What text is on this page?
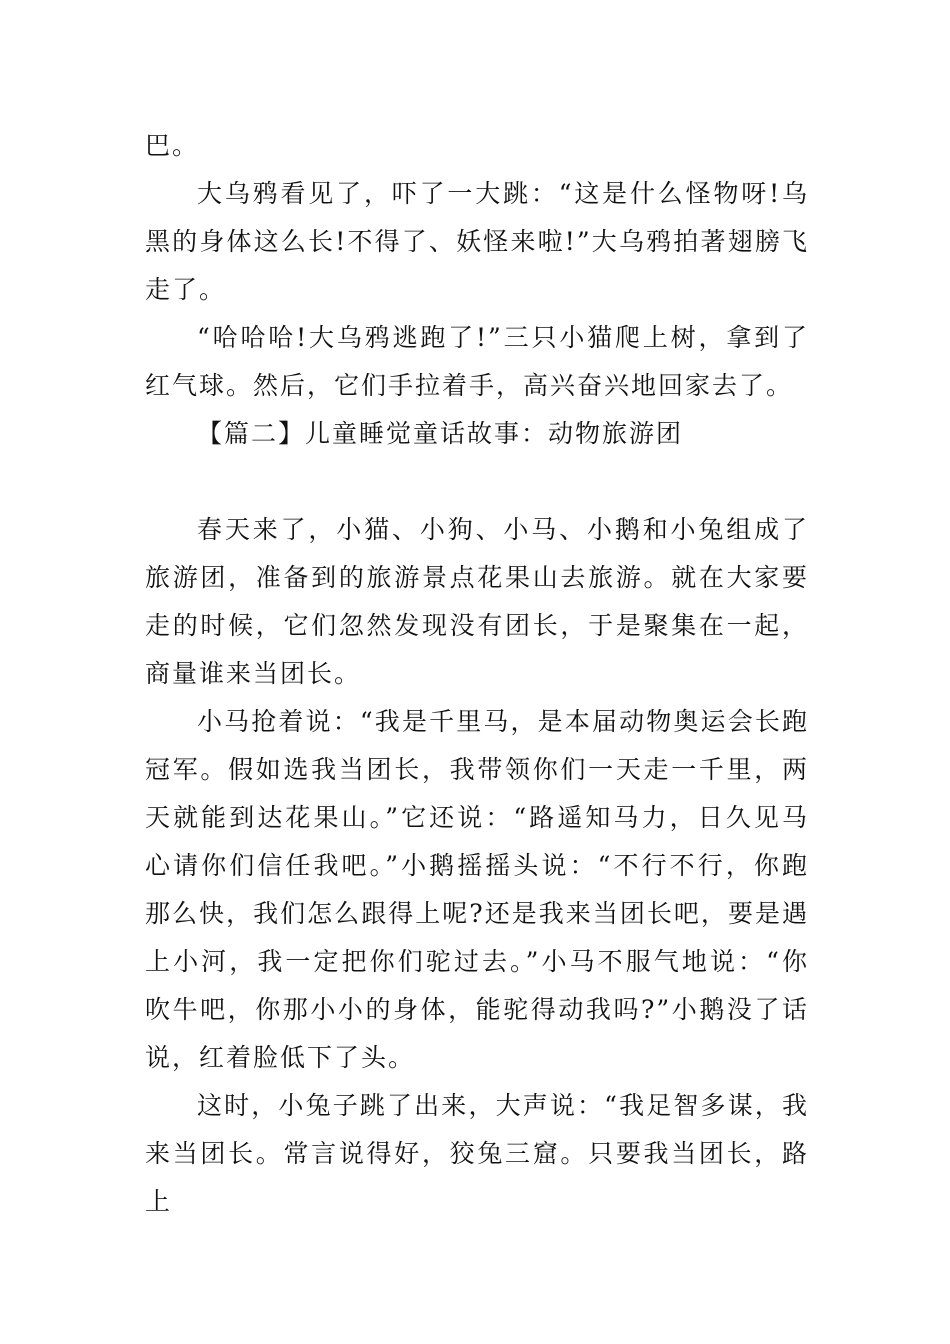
巴。

大乌鸦看见了，吓了一大跳：“这是什么怪物呀!乌黑的身体这么长!不得了、妖怪来啦!”大乌鸦拍著翅膀飞走了。

“哈哈哈!大乌鸦逃跑了!”三只小猫爬上树，拿到了红气球。然后，它们手拉着手，高兴奋兴地回家去了。

【篇二】儿童睡觉童话故事：动物旅游团

春天来了，小猫、小狗、小马、小鹅和小兔组成了旅游团，准备到的旅游景点花果山去旅游。就在大家要走的时候，它们忽然发现没有团长，于是聚集在一起，商量谁来当团长。

小马抢着说：“我是千里马，是本届动物奥运会长跑冠军。假如选我当团长，我带领你们一天走一千里，两天就能到达花果山。”它还说：“路遥知马力，日久见马心请你们信任我吧。”小鹅摇摇头说：“不行不行，你跑那么快，我们怎么跟得上呢?还是我来当团长吧，要是遇上小河，我一定把你们驼过去。”小马不服气地说：“你吹牛吧，你那小小的身体，能驼得动我吗?”小鹅没了话说，红着脸低下了头。

这时，小兔子跳了出来，大声说：“我足智多谋，我来当团长。常言说得好，狡兔三窟。只要我当团长，路上
